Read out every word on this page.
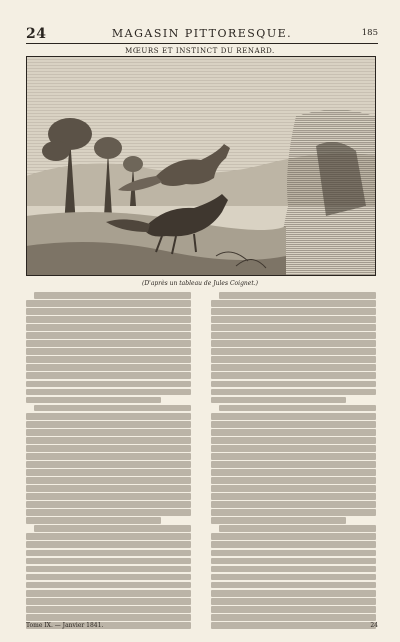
24	MAGASIN PITTORESQUE.	185
MŒURS ET INSTINCT DU RENARD.
(D'après un tableau de Jules Coignet.)
Tome IX. — Janvier 1841.	24
